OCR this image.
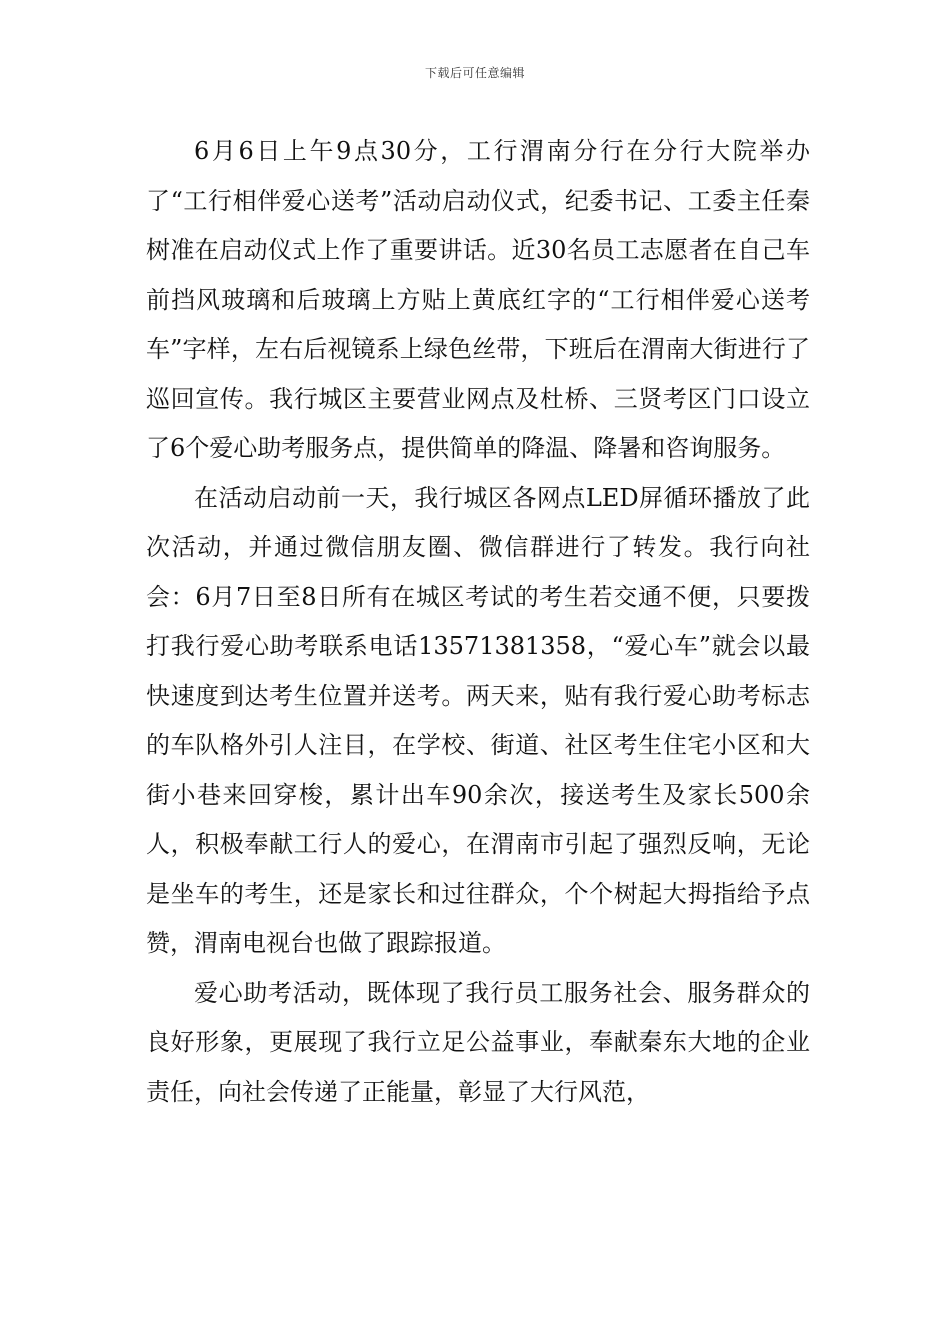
下载后可任意编辑

6月6日上午9点30分，工行渭南分行在分行大院举办了“工行相伴爱心送考”活动启动仪式，纪委书记、工委主任秦树准在启动仪式上作了重要讲话。近30名员工志愿者在自己车前挡风玻璃和后玻璃上方贴上黄底红字的“工行相伴爱心送考车”字样，左右后视镜系上绿色丝带，下班后在渭南大街进行了巡回宣传。我行城区主要营业网点及杜桥、三贤考区门口设立了6个爱心助考服务点，提供简单的降温、降暑和咨询服务。

在活动启动前一天，我行城区各网点LED屏循环播放了此次活动，并通过微信朋友圈、微信群进行了转发。我行向社会：6月7日至8日所有在城区考试的考生若交通不便，只要拨打我行爱心助考联系电话13571381358，“爱心车”就会以最快速度到达考生位置并送考。两天来，贴有我行爱心助考标志的车队格外引人注目，在学校、街道、社区考生住宅小区和大街小巷来回穿梭，累计出车90余次，接送考生及家长500余人，积极奉献工行人的爱心，在渭南市引起了强烈反响，无论是坐车的考生，还是家长和过往群众，个个树起大拇指给予点赞，渭南电视台也做了跟踪报道。

爱心助考活动，既体现了我行员工服务社会、服务群众的良好形象，更展现了我行立足公益事业，奉献秦东大地的企业责任，向社会传递了正能量，彰显了大行风范，
